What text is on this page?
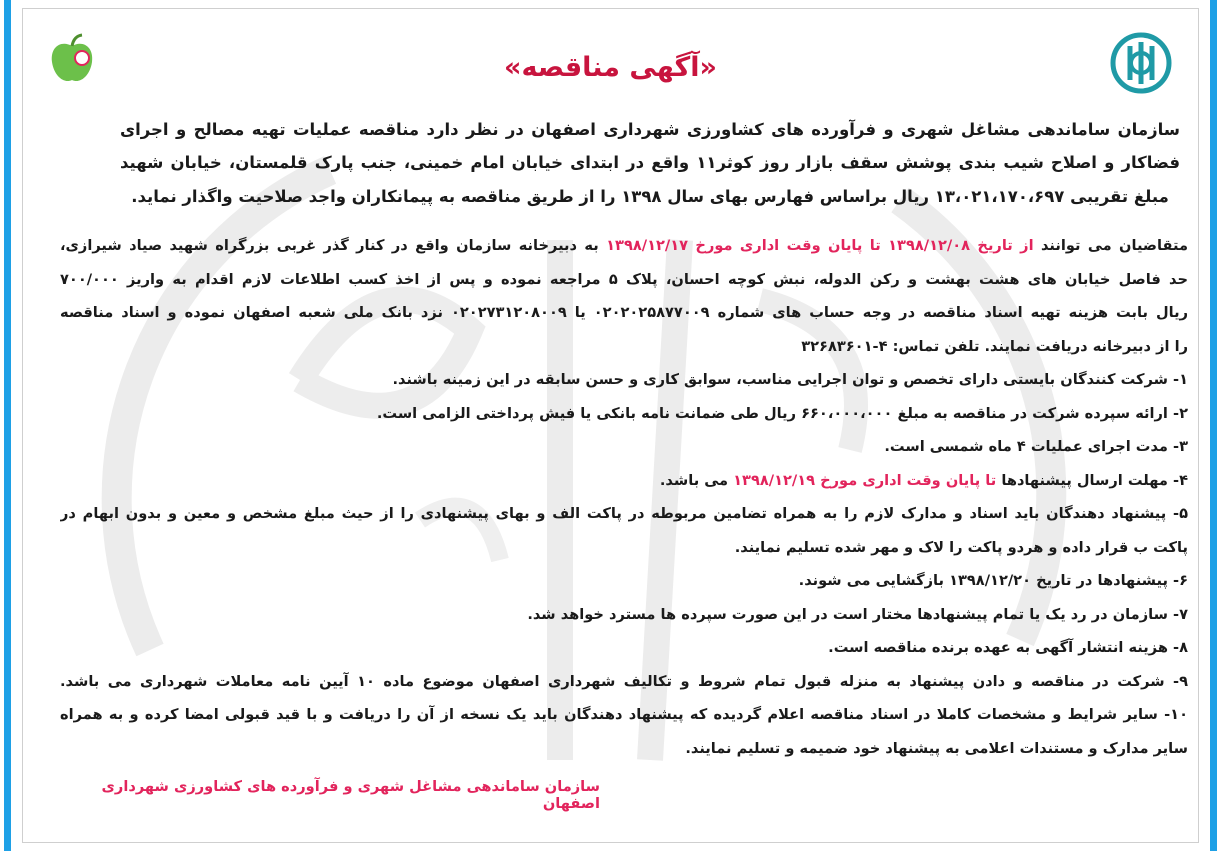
«آگهی مناقصه»
سازمان ساماندهی مشاغل شهری و فرآورده های کشاورزی شهرداری اصفهان در نظر دارد مناقصه عملیات تهیه مصالح و اجرای
فضاکار و اصلاح شیب بندی پوشش سقف بازار روز کوثر۱۱ واقع در ابتدای خیابان امام خمینی، جنب پارک قلمستان، خیابان شهید
مبلغ تقریبی ۱۳،۰۲۱،۱۷۰،۶۹۷ ریال براساس فهارس بهای سال ۱۳۹۸ را از طریق مناقصه به پیمانکاران واجد صلاحیت واگذار نماید.
متقاضیان می توانند از تاریخ ۱۳۹۸/۱۲/۰۸ تا پایان وقت اداری مورخ ۱۳۹۸/۱۲/۱۷ به دبیرخانه سازمان واقع در کنار گذر غربی بزرگراه شهید صیاد شیرازی،
حد فاصل خیابان های هشت بهشت و رکن الدوله، نبش کوچه احسان، پلاک ۵ مراجعه نموده و پس از اخذ کسب اطلاعات لازم اقدام به واریز ۷۰۰/۰۰۰
ریال بابت هزینه تهیه اسناد مناقصه در وجه حساب های شماره ۰۲۰۲۰۲۵۸۷۷۰۰۹ یا ۰۲۰۲۷۳۱۲۰۸۰۰۹ نزد بانک ملی شعبه اصفهان نموده و اسناد مناقصه
را از دبیرخانه دریافت نمایند. تلفن تماس: ۴-۳۲۶۸۳۶۰۱
۱- شرکت کنندگان بایستی دارای تخصص و توان اجرایی مناسب، سوابق کاری و حسن سابقه در این زمینه باشند.
۲- ارائه سپرده شرکت در مناقصه به مبلغ ۶۶۰،۰۰۰،۰۰۰ ریال طی ضمانت نامه بانکی یا فیش پرداختی الزامی است.
۳- مدت اجرای عملیات ۴ ماه شمسی است.
۴- مهلت ارسال پیشنهادها تا پایان وقت اداری مورخ ۱۳۹۸/۱۲/۱۹ می باشد.
۵- پیشنهاد دهندگان باید اسناد و مدارک لازم را به همراه تضامین مربوطه در پاکت الف و بهای پیشنهادی را از حیث مبلغ مشخص و معین و بدون ابهام در
پاکت ب قرار داده و هردو پاکت را لاک و مهر شده تسلیم نمایند.
۶- پیشنهادها در تاریخ ۱۳۹۸/۱۲/۲۰ بازگشایی می شوند.
۷- سازمان در رد یک یا تمام پیشنهادها مختار است در این صورت سپرده ها مسترد خواهد شد.
۸- هزینه انتشار آگهی به عهده برنده مناقصه است.
۹- شرکت در مناقصه و دادن پیشنهاد به منزله قبول تمام شروط و تکالیف شهرداری اصفهان موضوع ماده ۱۰ آیین نامه معاملات شهرداری می باشد.
۱۰- سایر شرایط و مشخصات کاملا در اسناد مناقصه اعلام گردیده که پیشنهاد دهندگان باید یک نسخه از آن را دریافت و با قید قبولی امضا کرده و به همراه
سایر مدارک و مستندات اعلامی به پیشنهاد خود ضمیمه و تسلیم نمایند.
سازمان ساماندهی مشاغل شهری و فرآورده های کشاورزی شهرداری اصفهان
